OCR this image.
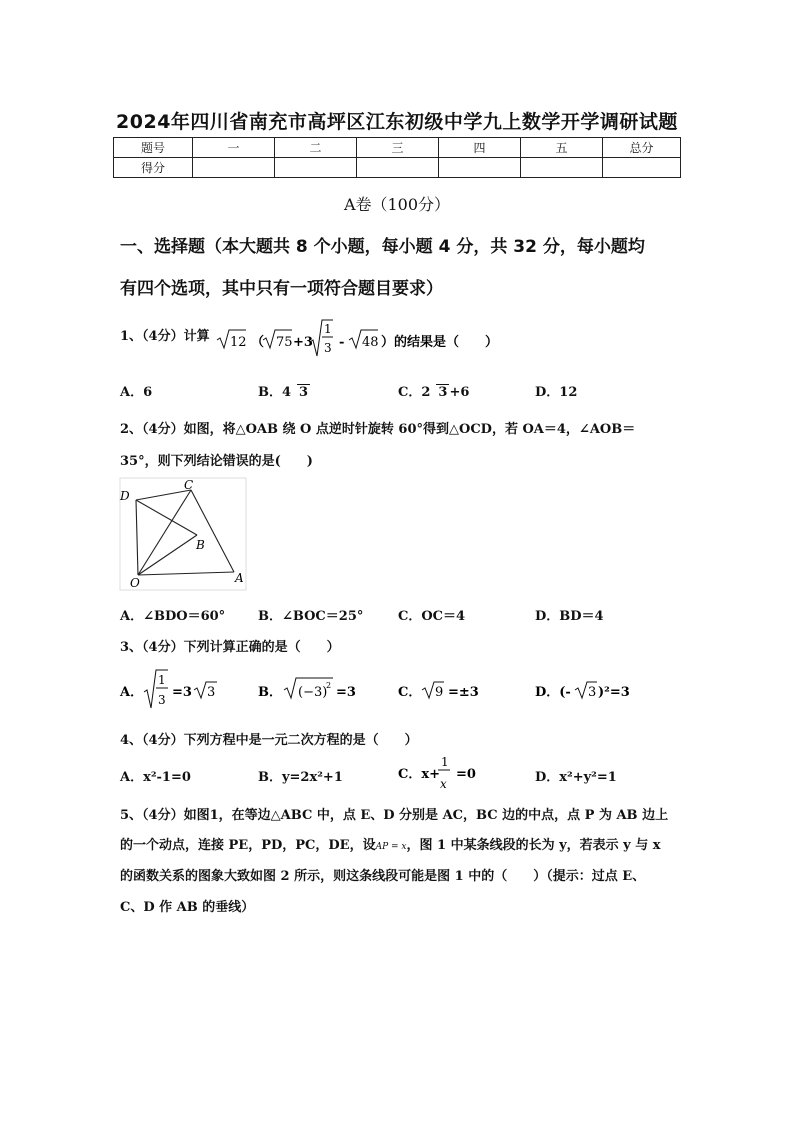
2024年四川省南充市高坪区江东初级中学九上数学开学调研试题
题号	一	二	三	四	五	总分
得分						
A卷（100分）
一、选择题（本大题共 8 个小题，每小题 4 分，共 32 分，每小题均
有四个选项，其中只有一项符合题目要求）
1、（4分）计算 12 （ 75 +3
1
3 - 48 ）的结果是（　　）
A．6	B．4 3	C．2 3 +6	D．12
2、（4分）如图，将△OAB 绕 O 点逆时针旋转 60°得到△OCD，若 OA＝4，∠AOB＝
35°，则下列结论错误的是(　　)
D
C
B
O	A
A．∠BDO＝60°	B．∠BOC＝25°	C．OC＝4	D．BD＝4
3、（4分）下列计算正确的是（　　）
A．
1
3 =3 3	B． (−3)
2 =3	C． 9 =±3	D．(- 3 )²=3
4、（4分）下列方程中是一元二次方程的是（　　）
A．x²-1=0	B．y=2x²+1	C．x+
1
x
=0	D．x²+y²=1
5、（4分）如图1，在等边△ABC 中，点 E、D 分别是 AC，BC 边的中点，点 P 为 AB 边上
的一个动点，连接 PE，PD，PC，DE，设AP = x，图 1 中某条线段的长为 y，若表示 y 与 x
的函数关系的图象大致如图 2 所示，则这条线段可能是图 1 中的（　　）（提示：过点 E、
C、D 作 AB 的垂线）
